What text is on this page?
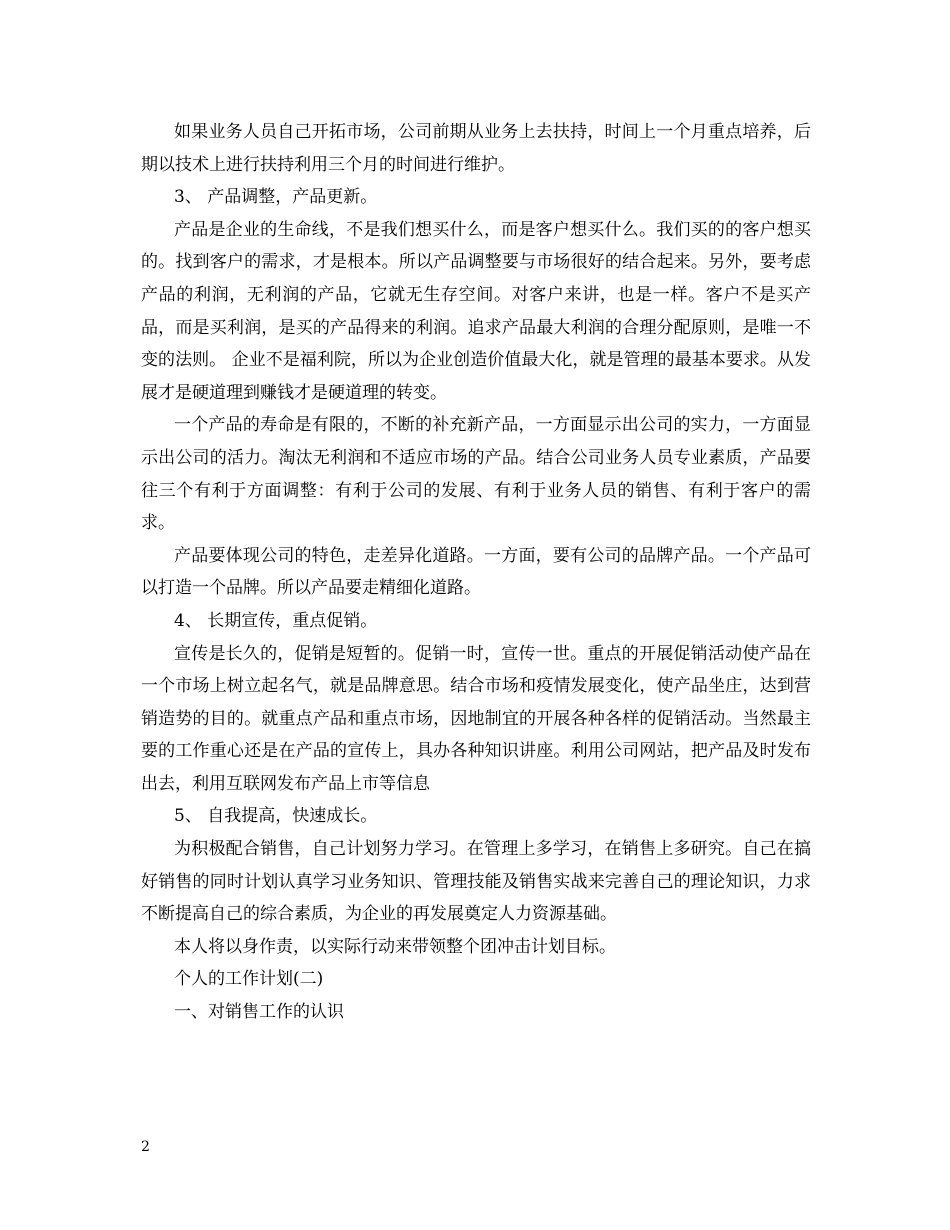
如果业务人员自己开拓市场，公司前期从业务上去扶持，时间上一个月重点培养，后期以技术上进行扶持利用三个月的时间进行维护。

3、 产品调整，产品更新。

产品是企业的生命线，不是我们想买什么，而是客户想买什么。我们买的的客户想买的。找到客户的需求，才是根本。所以产品调整要与市场很好的结合起来。另外，要考虑产品的利润，无利润的产品，它就无生存空间。对客户来讲，也是一样。客户不是买产品，而是买利润，是买的产品得来的利润。追求产品最大利润的合理分配原则，是唯一不变的法则。 企业不是福利院，所以为企业创造价值最大化，就是管理的最基本要求。从发展才是硬道理到赚钱才是硬道理的转变。

一个产品的寿命是有限的，不断的补充新产品，一方面显示出公司的实力，一方面显示出公司的活力。淘汰无利润和不适应市场的产品。结合公司业务人员专业素质，产品要往三个有利于方面调整：有利于公司的发展、有利于业务人员的销售、有利于客户的需求。

产品要体现公司的特色，走差异化道路。一方面，要有公司的品牌产品。一个产品可以打造一个品牌。所以产品要走精细化道路。

4、 长期宣传，重点促销。

宣传是长久的，促销是短暂的。促销一时，宣传一世。重点的开展促销活动使产品在一个市场上树立起名气，就是品牌意思。结合市场和疫情发展变化，使产品坐庄，达到营销造势的目的。就重点产品和重点市场，因地制宜的开展各种各样的促销活动。当然最主要的工作重心还是在产品的宣传上，具办各种知识讲座。利用公司网站，把产品及时发布出去，利用互联网发布产品上市等信息

5、 自我提高，快速成长。

为积极配合销售，自己计划努力学习。在管理上多学习，在销售上多研究。自己在搞好销售的同时计划认真学习业务知识、管理技能及销售实战来完善自己的理论知识，力求不断提高自己的综合素质，为企业的再发展奠定人力资源基础。

本人将以身作责，以实际行动来带领整个团冲击计划目标。

个人的工作计划(二)

一、对销售工作的认识

2
